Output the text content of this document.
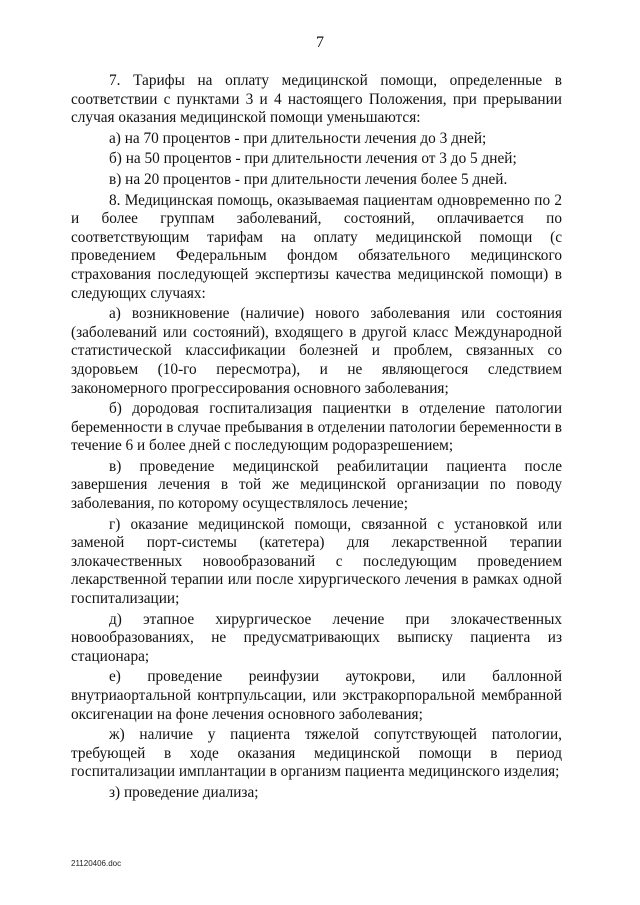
7

7. Тарифы на оплату медицинской помощи, определенные в соответствии с пунктами 3 и 4 настоящего Положения, при прерывании случая оказания медицинской помощи уменьшаются:

а) на 70 процентов - при длительности лечения до 3 дней;

б) на 50 процентов - при длительности лечения от 3 до 5 дней;

в) на 20 процентов - при длительности лечения более 5 дней.

8. Медицинская помощь, оказываемая пациентам одновременно по 2 и более группам заболеваний, состояний, оплачивается по соответствующим тарифам на оплату медицинской помощи (с проведением Федеральным фондом обязательного медицинского страхования последующей экспертизы качества медицинской помощи) в следующих случаях:

а) возникновение (наличие) нового заболевания или состояния (заболеваний или состояний), входящего в другой класс Международной статистической классификации болезней и проблем, связанных со здоровьем (10-го пересмотра), и не являющегося следствием закономерного прогрессирования основного заболевания;

б) дородовая госпитализация пациентки в отделение патологии беременности в случае пребывания в отделении патологии беременности в течение 6 и более дней с последующим родоразрешением;

в) проведение медицинской реабилитации пациента после завершения лечения в той же медицинской организации по поводу заболевания, по которому осуществлялось лечение;

г) оказание медицинской помощи, связанной с установкой или заменой порт-системы (катетера) для лекарственной терапии злокачественных новообразований с последующим проведением лекарственной терапии или после хирургического лечения в рамках одной госпитализации;

д) этапное хирургическое лечение при злокачественных новообразованиях, не предусматривающих выписку пациента из стационара;

е) проведение реинфузии аутокрови, или баллонной внутриаортальной контрпульсации, или экстракорпоральной мембранной оксигенации на фоне лечения основного заболевания;

ж) наличие у пациента тяжелой сопутствующей патологии, требующей в ходе оказания медицинской помощи в период госпитализации имплантации в организм пациента медицинского изделия;

з) проведение диализа;

21120406.doc
